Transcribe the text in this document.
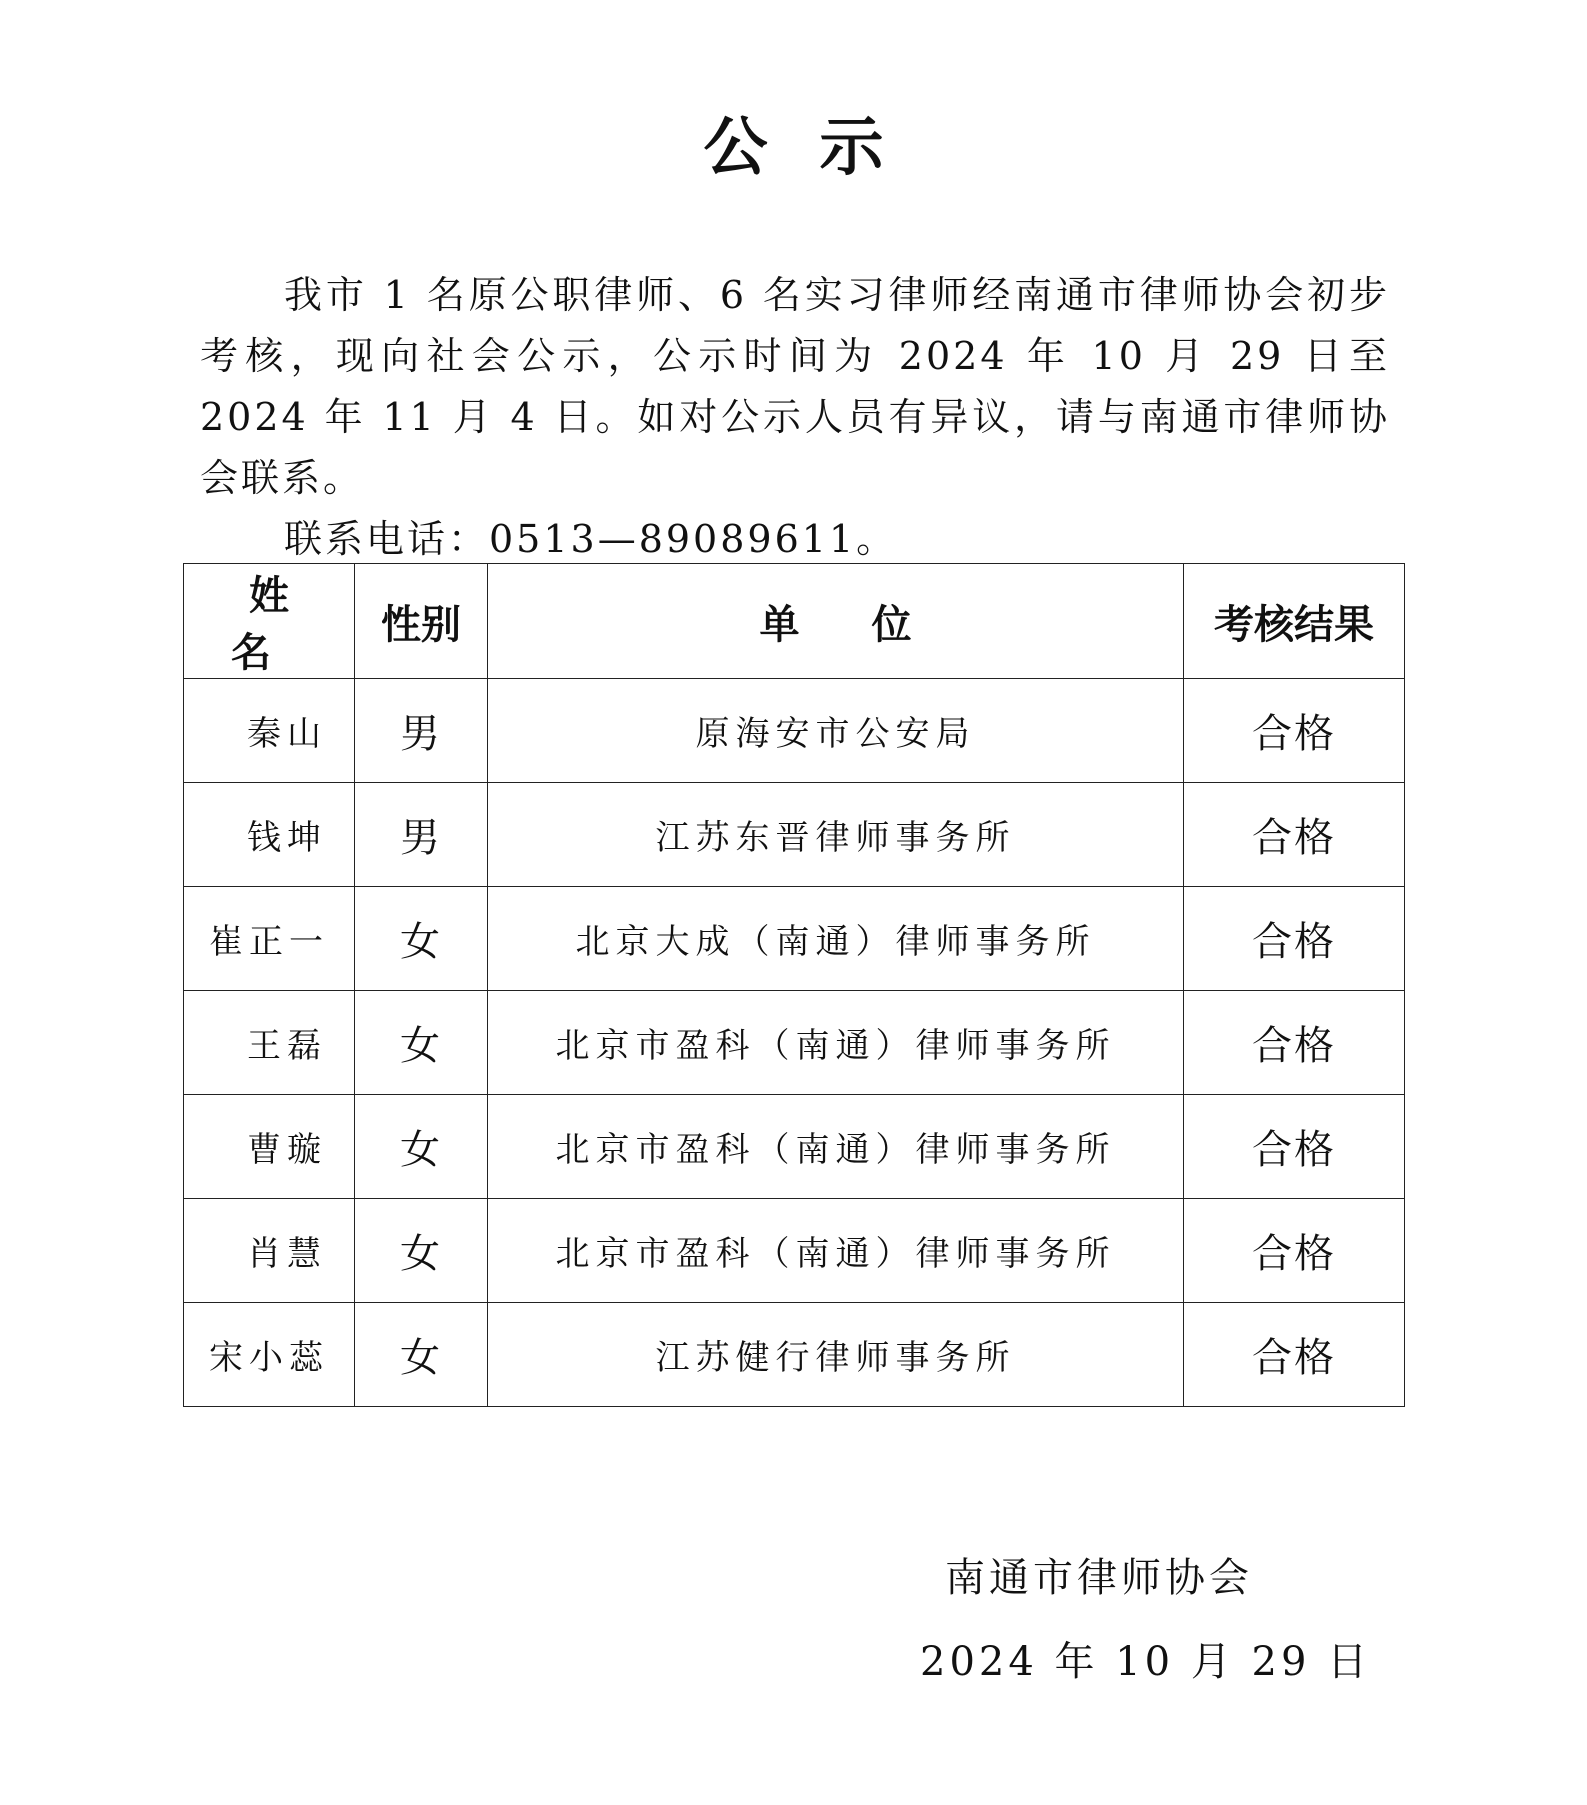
公示

我市 1 名原公职律师、6 名实习律师经南通市律师协会初步考核，现向社会公示，公示时间为 2024 年 10 月 29 日至 2024 年 11 月 4 日。如对公示人员有异议，请与南通市律师协会联系。

联系电话：0513—89089611。

姓名	性别	单位	考核结果
秦山	男	原海安市公安局	合格
钱坤	男	江苏东晋律师事务所	合格
崔正一	女	北京大成（南通）律师事务所	合格
王磊	女	北京市盈科（南通）律师事务所	合格
曹璇	女	北京市盈科（南通）律师事务所	合格
肖慧	女	北京市盈科（南通）律师事务所	合格
宋小蕊	女	江苏健行律师事务所	合格
南通市律师协会
2024 年 10 月 29 日
